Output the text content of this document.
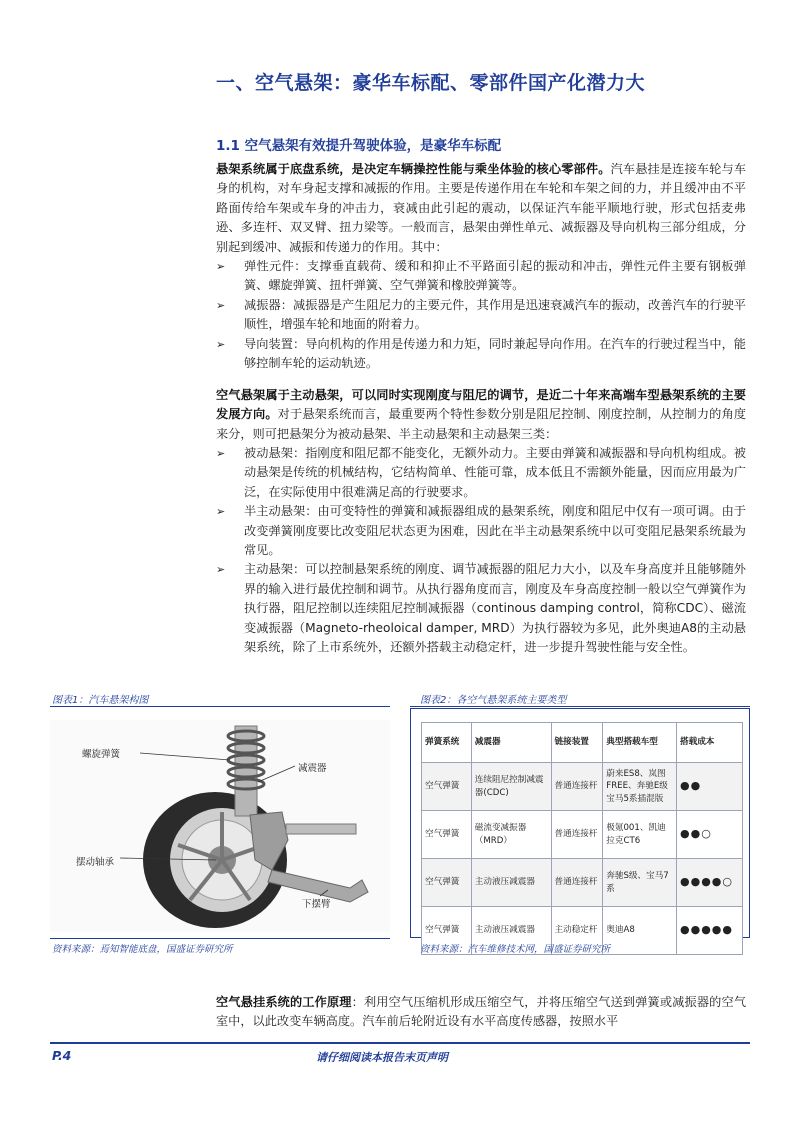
一、空气悬架：豪华车标配、零部件国产化潜力大
1.1 空气悬架有效提升驾驶体验，是豪华车标配
悬架系统属于底盘系统，是决定车辆操控性能与乘坐体验的核心零部件。汽车悬挂是连接车轮与车身的机构，对车身起支撑和减振的作用。主要是传递作用在车轮和车架之间的力，并且缓冲由不平路面传给车架或车身的冲击力，衰减由此引起的震动，以保证汽车能平顺地行驶，形式包括麦弗逊、多连杆、双叉臂、扭力梁等。一般而言，悬架由弹性单元、减振器及导向机构三部分组成，分别起到缓冲、减振和传递力的作用。其中：
➢ 弹性元件：支撑垂直载荷、缓和和抑止不平路面引起的振动和冲击，弹性元件主要有钢板弹簧、螺旋弹簧、扭杆弹簧、空气弹簧和橡胶弹簧等。
➢ 减振器：减振器是产生阻尼力的主要元件，其作用是迅速衰减汽车的振动，改善汽车的行驶平顺性，增强车轮和地面的附着力。
➢ 导向装置：导向机构的作用是传递力和力矩，同时兼起导向作用。在汽车的行驶过程当中，能够控制车轮的运动轨迹。
空气悬架属于主动悬架，可以同时实现刚度与阻尼的调节，是近二十年来高端车型悬架系统的主要发展方向。对于悬架系统而言，最重要两个特性参数分别是阻尼控制、刚度控制，从控制力的角度来分，则可把悬架分为被动悬架、半主动悬架和主动悬架三类：
➢ 被动悬架：指刚度和阻尼都不能变化，无额外动力。主要由弹簧和减振器和导向机构组成。被动悬架是传统的机械结构，它结构简单、性能可靠，成本低且不需额外能量，因而应用最为广泛，在实际使用中很难满足高的行驶要求。
➢ 半主动悬架：由可变特性的弹簧和减振器组成的悬架系统，刚度和阻尼中仅有一项可调。由于改变弹簧刚度要比改变阻尼状态更为困难，因此在半主动悬架系统中以可变阻尼悬架系统最为常见。
➢ 主动悬架：可以控制悬架系统的刚度、调节减振器的阻尼力大小，以及车身高度并且能够随外界的输入进行最优控制和调节。从执行器角度而言，刚度及车身高度控制一般以空气弹簧作为执行器，阻尼控制以连续阻尼控制减振器（continous damping control，简称CDC）、磁流变减振器（Magneto-rheoloical damper, MRD）为执行器较为多见，此外奥迪A8的主动悬架系统，除了上市系统外，还额外搭载主动稳定杆，进一步提升驾驶性能与安全性。
图表1：汽车悬架构图
螺旋弹簧
减震器
摆动轴承
下摆臂
资料来源：焉知智能底盘，国盛证券研究所
图表2：各空气悬架系统主要类型
弹簧系统	减震器	链接装置	典型搭载车型	搭载成本
空气弹簧	连续阻尼控制减震器(CDC)	普通连接杆	蔚来ES8、岚图FREE、奔驰E级宝马5系插混版	●●
空气弹簧	磁流变减振器（MRD）	普通连接杆	极氪001、凯迪拉克CT6	●●○
空气弹簧	主动液压减震器	普通连接杆	奔驰S级、宝马7系	●●●●○
空气弹簧	主动液压减震器	主动稳定杆	奥迪A8	●●●●●
资料来源：汽车维修技术网，国盛证券研究所
空气悬挂系统的工作原理：利用空气压缩机形成压缩空气，并将压缩空气送到弹簧或减振器的空气室中，以此改变车辆高度。汽车前后轮附近设有水平高度传感器，按照水平
P.4	请仔细阅读本报告末页声明
